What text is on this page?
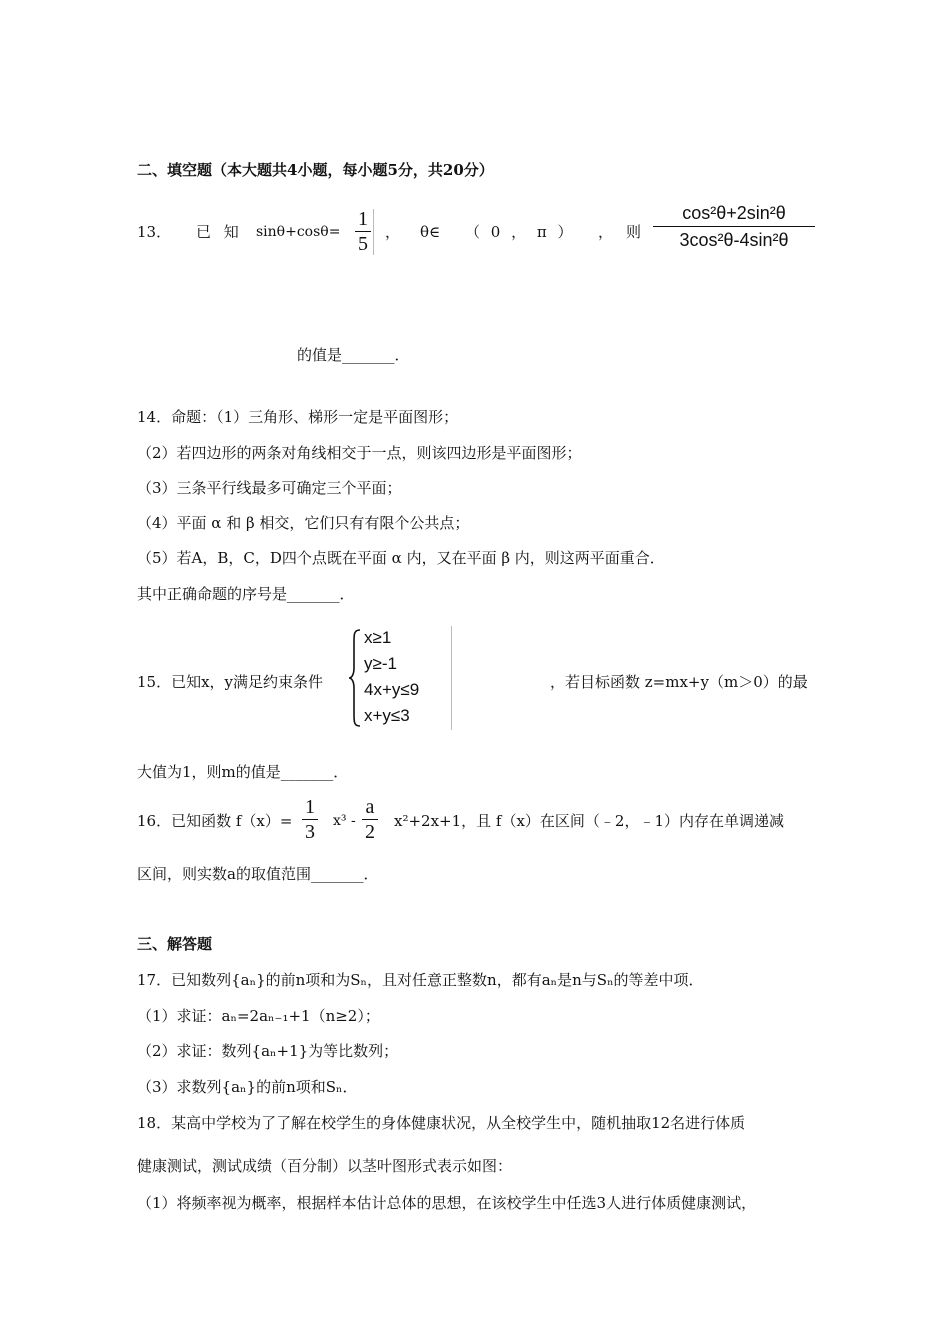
二、填空题（本大题共4小题，每小题5分，共20分）
13． 已 知 sinθ+cosθ=
1
5
， θ∈ （ 0 ， π ） ， 则
cos²θ+2sin²θ
3cos²θ-4sin²θ
的值是_______．
14．命题：（1）三角形、梯形一定是平面图形；
（2）若四边形的两条对角线相交于一点，则该四边形是平面图形；
（3）三条平行线最多可确定三个平面；
（4）平面 α 和 β 相交，它们只有有限个公共点；
（5）若A，B，C，D四个点既在平面 α 内，又在平面 β 内，则这两平面重合．
其中正确命题的序号是_______．
15．已知x，y满足约束条件
x≥1
y≥-1
4x+y≤9
x+y≤3
，若目标函数 z=mx+y（m＞0）的最
大值为1，则m的值是_______．
16．已知函数 f（x）=
1
3 x³ -
a
2 x²+2x+1，且 f（x）在区间（﹣2，﹣1）内存在单调递减
区间，则实数a的取值范围_______．
三、解答题
17．已知数列{aₙ}的前n项和为Sₙ，且对任意正整数n，都有aₙ是n与Sₙ的等差中项．
（1）求证：aₙ=2aₙ₋₁+1（n≥2）；
（2）求证：数列{aₙ+1}为等比数列；
（3）求数列{aₙ}的前n项和Sₙ．
18．某高中学校为了了解在校学生的身体健康状况，从全校学生中，随机抽取12名进行体质
健康测试，测试成绩（百分制）以茎叶图形式表示如图：
（1）将频率视为概率，根据样本估计总体的思想，在该校学生中任选3人进行体质健康测试，
